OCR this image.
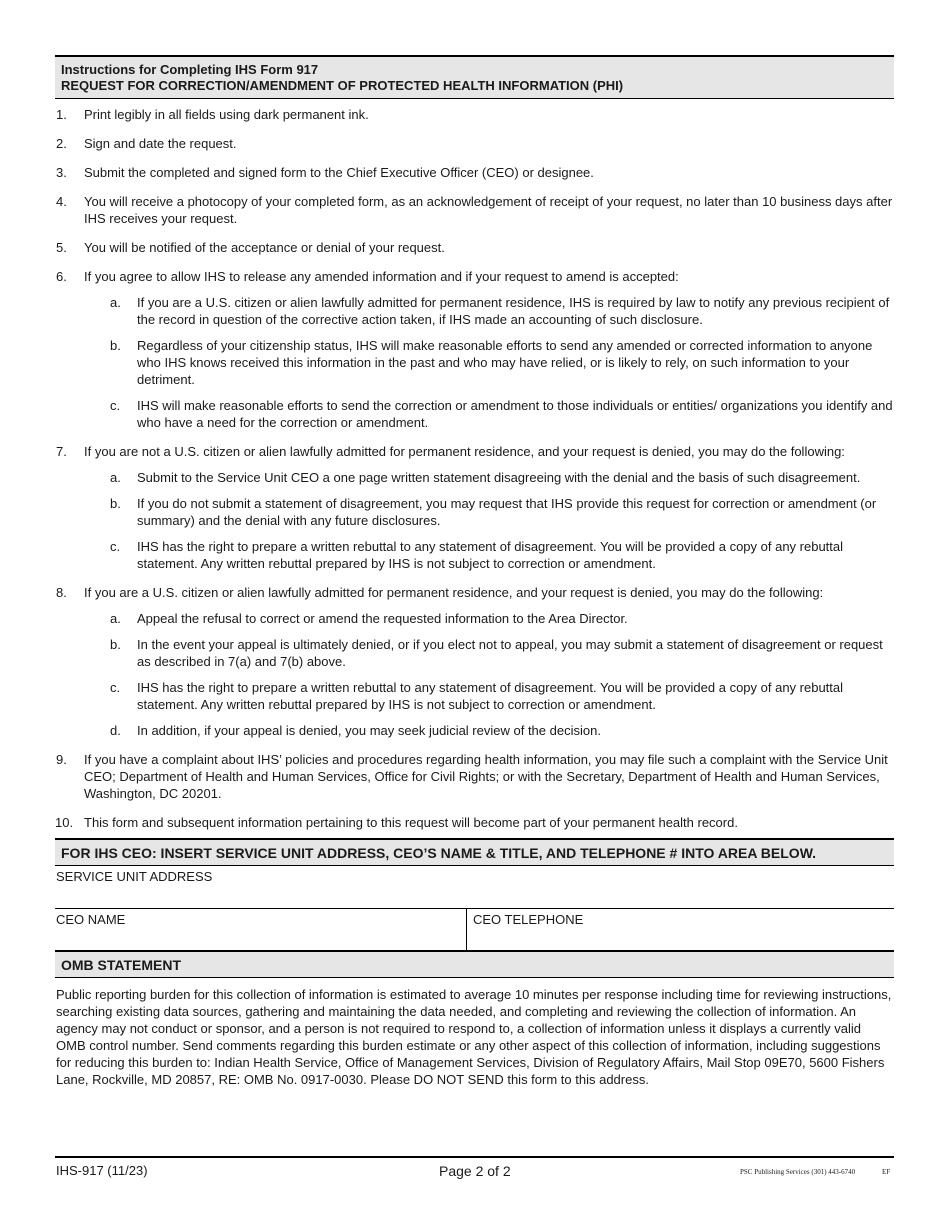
Instructions for Completing IHS Form 917
REQUEST FOR CORRECTION/AMENDMENT OF PROTECTED HEALTH INFORMATION (PHI)
1. Print legibly in all fields using dark permanent ink.
2. Sign and date the request.
3. Submit the completed and signed form to the Chief Executive Officer (CEO) or designee.
4. You will receive a photocopy of your completed form, as an acknowledgement of receipt of your request, no later than 10 business days after IHS receives your request.
5. You will be notified of the acceptance or denial of your request.
6. If you agree to allow IHS to release any amended information and if your request to amend is accepted:
a. If you are a U.S. citizen or alien lawfully admitted for permanent residence, IHS is required by law to notify any previous recipient of the record in question of the corrective action taken, if IHS made an accounting of such disclosure.
b. Regardless of your citizenship status, IHS will make reasonable efforts to send any amended or corrected information to anyone who IHS knows received this information in the past and who may have relied, or is likely to rely, on such information to your detriment.
c. IHS will make reasonable efforts to send the correction or amendment to those individuals or entities/ organizations you identify and who have a need for the correction or amendment.
7. If you are not a U.S. citizen or alien lawfully admitted for permanent residence, and your request is denied, you may do the following:
a. Submit to the Service Unit CEO a one page written statement disagreeing with the denial and the basis of such disagreement.
b. If you do not submit a statement of disagreement, you may request that IHS provide this request for correction or amendment (or summary) and the denial with any future disclosures.
c. IHS has the right to prepare a written rebuttal to any statement of disagreement. You will be provided a copy of any rebuttal statement. Any written rebuttal prepared by IHS is not subject to correction or amendment.
8. If you are a U.S. citizen or alien lawfully admitted for permanent residence, and your request is denied, you may do the following:
a. Appeal the refusal to correct or amend the requested information to the Area Director.
b. In the event your appeal is ultimately denied, or if you elect not to appeal, you may submit a statement of disagreement or request as described in 7(a) and 7(b) above.
c. IHS has the right to prepare a written rebuttal to any statement of disagreement. You will be provided a copy of any rebuttal statement. Any written rebuttal prepared by IHS is not subject to correction or amendment.
d. In addition, if your appeal is denied, you may seek judicial review of the decision.
9. If you have a complaint about IHS’ policies and procedures regarding health information, you may file such a complaint with the Service Unit CEO; Department of Health and Human Services, Office for Civil Rights; or with the Secretary, Department of Health and Human Services, Washington, DC 20201.
10. This form and subsequent information pertaining to this request will become part of your permanent health record.
FOR IHS CEO: INSERT SERVICE UNIT ADDRESS, CEO’S NAME & TITLE, AND TELEPHONE # INTO AREA BELOW.
SERVICE UNIT ADDRESS
CEO NAME	CEO TELEPHONE
OMB STATEMENT
Public reporting burden for this collection of information is estimated to average 10 minutes per response including time for reviewing instructions, searching existing data sources, gathering and maintaining the data needed, and completing and reviewing the collection of information. An agency may not conduct or sponsor, and a person is not required to respond to, a collection of information unless it displays a currently valid OMB control number. Send comments regarding this burden estimate or any other aspect of this collection of information, including suggestions for reducing this burden to: Indian Health Service, Office of Management Services, Division of Regulatory Affairs, Mail Stop 09E70, 5600 Fishers Lane, Rockville, MD 20857, RE: OMB No. 0917-0030. Please DO NOT SEND this form to this address.
IHS-917 (11/23)	Page 2 of 2	PSC Publishing Services (301) 443-6740	EF
